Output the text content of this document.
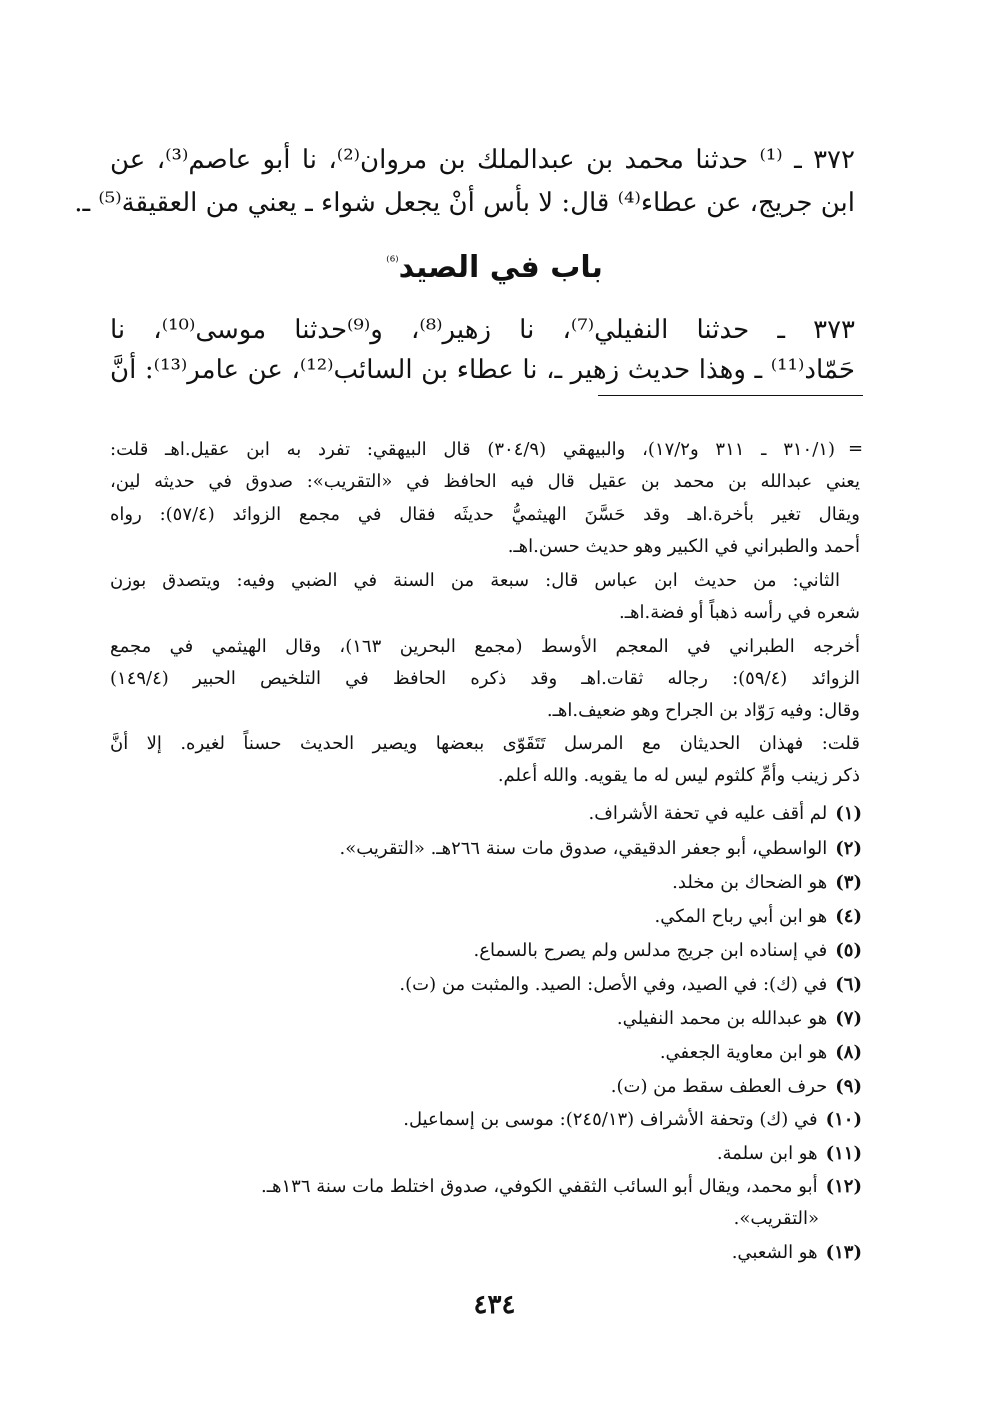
٣٧٢ ـ ⁽¹⁾ حدثنا محمد بن عبدالملك بن مروان⁽²⁾، نا أبو عاصم⁽³⁾، عن
ابن جريج، عن عطاء⁽⁴⁾ قال: لا بأس أنْ يجعل شواء ـ يعني من العقيقة⁽⁵⁾ ـ.
باب في الصيد$^{^{(6)}}$
٣٧٣ ـ حدثنا النفيلي⁽⁷⁾، نا زهير⁽⁸⁾، و⁽⁹⁾حدثنا موسى⁽¹⁰⁾، نا
حَمّاد⁽¹¹⁾ ـ وهذا حديث زهير ـ، نا عطاء بن السائب⁽¹²⁾، عن عامر⁽¹³⁾: أنَّ
=
(٣١٠/١ ـ ٣١١ و١٧/٢)، والبيهقي (٣٠٤/٩) قال البيهقي: تفرد به ابن عقيل.اهـ قلت:
يعني عبدالله بن محمد بن عقيل قال فيه الحافظ في «التقريب»: صدوق في حديثه لين،
ويقال تغير بأخرة.اهـ وقد حَسَّنَ الهيثميُّ حديثَه فقال في مجمع الزوائد (٥٧/٤): رواه
أحمد والطبراني في الكبير وهو حديث حسن.اهـ.
الثاني: من حديث ابن عباس قال: سبعة من السنة في الضبي وفيه: ويتصدق بوزن
شعره في رأسه ذهباً أو فضة.اهـ.
أخرجه الطبراني في المعجم الأوسط (مجمع البحرين ١٦٣)، وقال الهيثمي في مجمع
الزوائد (٥٩/٤): رجاله ثقات.اهـ وقد ذكره الحافظ في التلخيص الحبير (١٤٩/٤)
وقال: وفيه رَوّاد بن الجراح وهو ضعيف.اهـ.
قلت: فهذان الحديثان مع المرسل تَتَقَوّى ببعضها ويصير الحديث حسناً لغيره. إلا أنَّ
ذكر زينب وأمِّ كلثوم ليس له ما يقويه. والله أعلم.
(١)لم أقف عليه في تحفة الأشراف.
(٢)الواسطي، أبو جعفر الدقيقي، صدوق مات سنة ٢٦٦هـ. «التقريب».
(٣)هو الضحاك بن مخلد.
(٤)هو ابن أبي رباح المكي.
(٥)في إسناده ابن جريج مدلس ولم يصرح بالسماع.
(٦)في (ك): في الصيد، وفي الأصل: الصيد. والمثبت من (ت).
(٧)هو عبدالله بن محمد النفيلي.
(٨)هو ابن معاوية الجعفي.
(٩)حرف العطف سقط من (ت).
(١٠)في (ك) وتحفة الأشراف (٢٤٥/١٣): موسى بن إسماعيل.
(١١)هو ابن سلمة.
(١٢)أبو محمد، ويقال أبو السائب الثقفي الكوفي، صدوق اختلط مات سنة ١٣٦هـ.
«التقريب».
(١٣)هو الشعبي.
٤٣٤
